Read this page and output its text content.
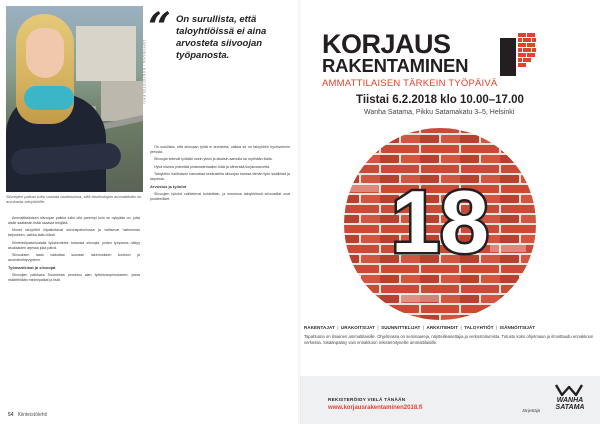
LEHTIKUVA / KIINTEISTÖLEHTI
Siivoojien palkan tulisi vastata vaatimuksia, sillä tilanhoitajan ammattitaito on arvokasta taloyhtiöille.
“ On surullista, että taloyhtiöissä ei aina arvosteta siivoojan työpanosta.

Ammattitaitoisen siivoojan palkka tulisi olla parempi kuin se nykyään on, jotta alalle saataisiin lisää osaavia tekijöitä.

Monet taloyhtiöt kilpailuttavat siivouspalvelunsa ja valitsevat halvimman tarjouksen, vaikka laatu kärsii.

Kiinteistöpalvelualalla työskentelee tuhansia siivoojia, joiden työpanos näkyy asukkaiden arjessa joka päivä.

Siivouksen laatu vaikuttaa suoraan rakennuksen kuntoon ja asumisviihtyvyyteen.

Työmarkkinat ja siivoojat

Siivoojien palkkaus Suomessa perustuu alan työehtosopimukseen, jossa määritellään minimipalkat ja lisät.

On surullista, että siivoojan työtä ei arvosteta, vaikka se on taloyhtiön hyvinvoinnin perusta.

Siivoojat tekevät työtään usein yksin ja aikaisin aamulla tai myöhään illalla.

Hyvä siivous pidentää pintamateriaalien ikää ja vähentää korjaustarvetta.

Taloyhtiön hallituksen kannattaa keskustella siivoojan kanssa tämän työn sisällöstä ja tarpeista.

Arvostus ja työolot

Siivoojien työolot vaihtelevat kohteittain, ja monessa taloyhtiössä siivoustilat ovat puutteelliset.

54 Kiinteistölehti
KORJAUS
RAKENTAMINEN
AMMATTILAISEN TÄRKEIN TYÖPÄIVÄ
Tiistai 6.2.2018 klo 10.00–17.00
Wanha Satama, Pikku Satamakatu 3–5, Helsinki
18
RAKENTAJAT | URAKOITSIJAT | SUUNNITTELIJAT | ARKKITEHDIT | TALOYHTIÖT | ISÄNNÖITSIJÄT
Tapahtuma on ilmainen ammattilaisille. Ohjelmassa on seminaareja, näytteilleasettajia ja verkostoitumista. Tutustu koko ohjelmaan ja ilmoittaudu ennakkoon verkossa. Sisäänpääsy vain ennakkoon rekisteröityneille ammattilaisille.
REKISTERÖIDY VIELÄ TÄNÄÄN
www.korjausrakentaminen2018.fi	Järjestäjä
WANHA SATAMA
